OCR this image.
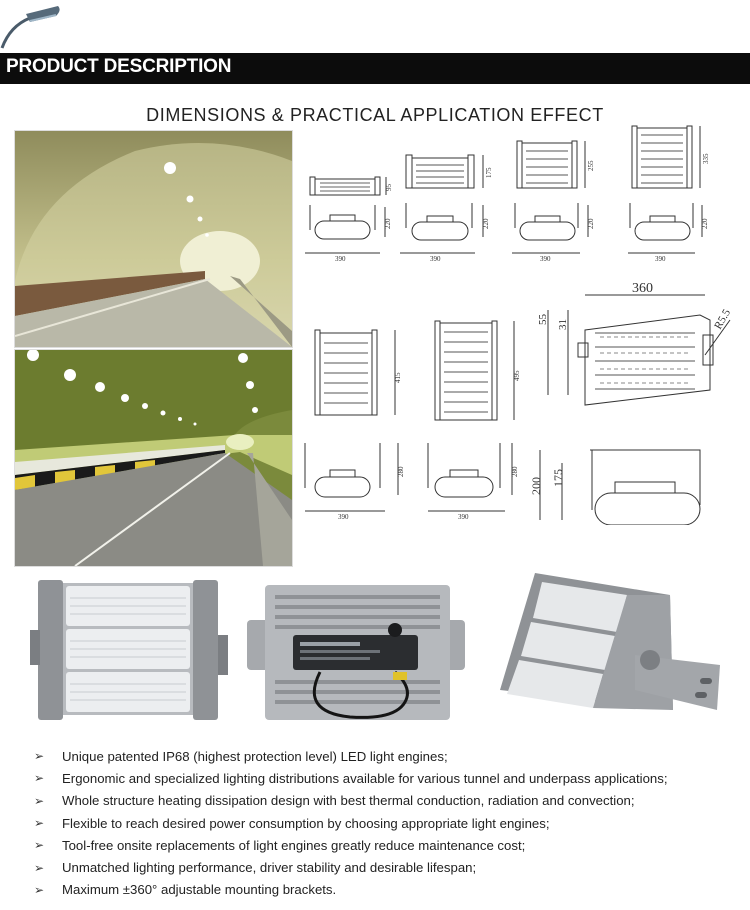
PRODUCT DESCRIPTION
DIMENSIONS & PRACTICAL APPLICATION EFFECT
95
175
255
335
390
220
390
220
390
220
390
220
360
55 31	R5.5
415	495
390
280
390
280
200 175
➢	Unique patented IP68 (highest protection level) LED light engines;
➢	Ergonomic and specialized lighting distributions available for various tunnel and underpass applications;
➢	Whole structure heating dissipation design with best thermal conduction, radiation and convection;
➢	Flexible to reach desired power consumption by choosing appropriate light engines;
➢	Tool-free onsite replacements of light engines greatly reduce maintenance cost;
➢	Unmatched lighting performance, driver stability and desirable lifespan;
➢	Maximum ±360° adjustable mounting brackets.
